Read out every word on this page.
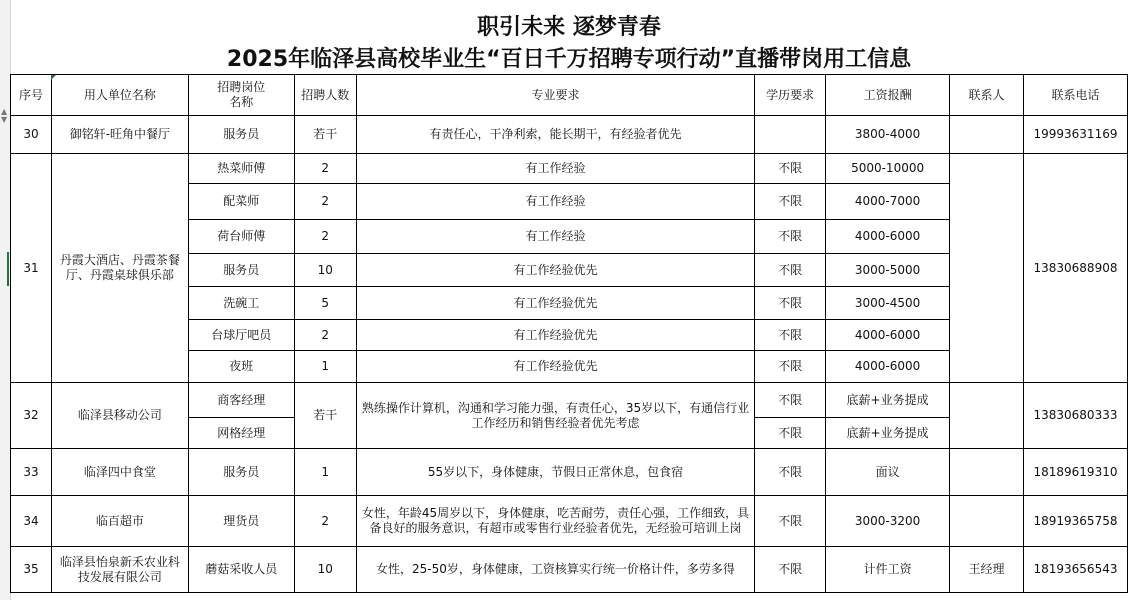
▲
▼
职引未来 逐梦青春
2025年临泽县高校毕业生“百日千万招聘专项行动”直播带岗用工信息
序号	用人单位名称	招聘岗位名称	招聘人数	专业要求	学历要求	工资报酬	联系人	联系电话
30	御铭轩-旺角中餐厅	服务员	若干	有责任心，干净利索，能长期干，有经验者优先		3800-4000		19993631169
31	丹霞大酒店、丹霞茶餐厅、丹霞桌球俱乐部	热菜师傅	2	有工作经验	不限	5000-10000		13830688908
		配菜师	2	有工作经验	不限	4000-7000		
		荷台师傅	2	有工作经验	不限	4000-6000		
		服务员	10	有工作经验优先	不限	3000-5000		
		洗碗工	5	有工作经验优先	不限	3000-4500		
		台球厅吧员	2	有工作经验优先	不限	4000-6000		
		夜班	1	有工作经验优先	不限	4000-6000		
32	临泽县移动公司	商客经理	若干	熟练操作计算机，沟通和学习能力强，有责任心，35岁以下，有通信行业工作经历和销售经验者优先考虑	不限	底薪+业务提成		13830680333
		网格经理			不限	底薪+业务提成		
33	临泽四中食堂	服务员	1	55岁以下，身体健康，节假日正常休息，包食宿	不限	面议		18189619310
34	临百超市	理货员	2	女性，年龄45周岁以下，身体健康，吃苦耐劳，责任心强，工作细致，具备良好的服务意识，有超市或零售行业经验者优先，无经验可培训上岗	不限	3000-3200		18919365758
35	临泽县怡泉新禾农业科技发展有限公司	蘑菇采收人员	10	女性，25-50岁，身体健康，工资核算实行统一价格计件，多劳多得	不限	计件工资	王经理	18193656543
